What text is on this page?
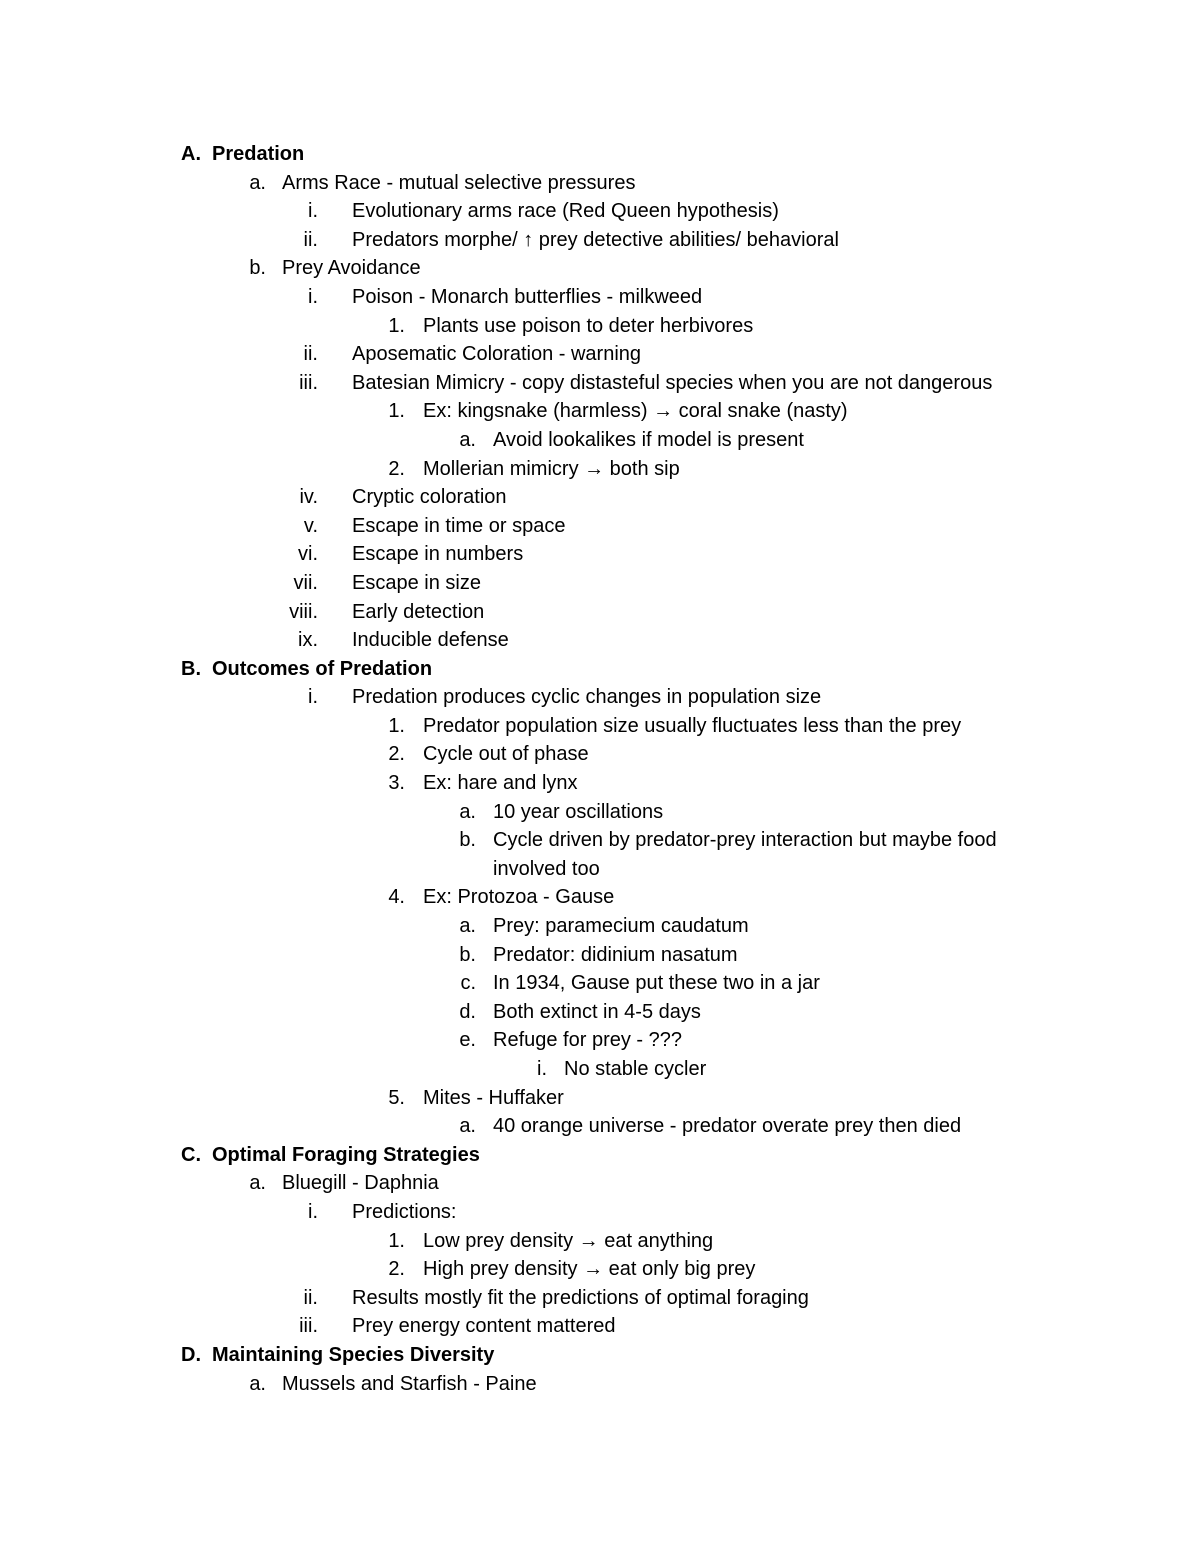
A. Predation
a. Arms Race - mutual selective pressures
i. Evolutionary arms race (Red Queen hypothesis)
ii. Predators morphe/ ↑ prey detective abilities/ behavioral
b. Prey Avoidance
i. Poison - Monarch butterflies - milkweed
1. Plants use poison to deter herbivores
ii. Aposematic Coloration - warning
iii. Batesian Mimicry - copy distasteful species when you are not dangerous
1. Ex: kingsnake (harmless) → coral snake (nasty)
a. Avoid lookalikes if model is present
2. Mollerian mimicry → both sip
iv. Cryptic coloration
v. Escape in time or space
vi. Escape in numbers
vii. Escape in size
viii. Early detection
ix. Inducible defense
B. Outcomes of Predation
i. Predation produces cyclic changes in population size
1. Predator population size usually fluctuates less than the prey
2. Cycle out of phase
3. Ex: hare and lynx
a. 10 year oscillations
b. Cycle driven by predator-prey interaction but maybe food involved too
4. Ex: Protozoa - Gause
a. Prey: paramecium caudatum
b. Predator: didinium nasatum
c. In 1934, Gause put these two in a jar
d. Both extinct in 4-5 days
e. Refuge for prey - ???
i. No stable cycler
5. Mites - Huffaker
a. 40 orange universe - predator overate prey then died
C. Optimal Foraging Strategies
a. Bluegill - Daphnia
i. Predictions:
1. Low prey density → eat anything
2. High prey density → eat only big prey
ii. Results mostly fit the predictions of optimal foraging
iii. Prey energy content mattered
D. Maintaining Species Diversity
a. Mussels and Starfish - Paine
